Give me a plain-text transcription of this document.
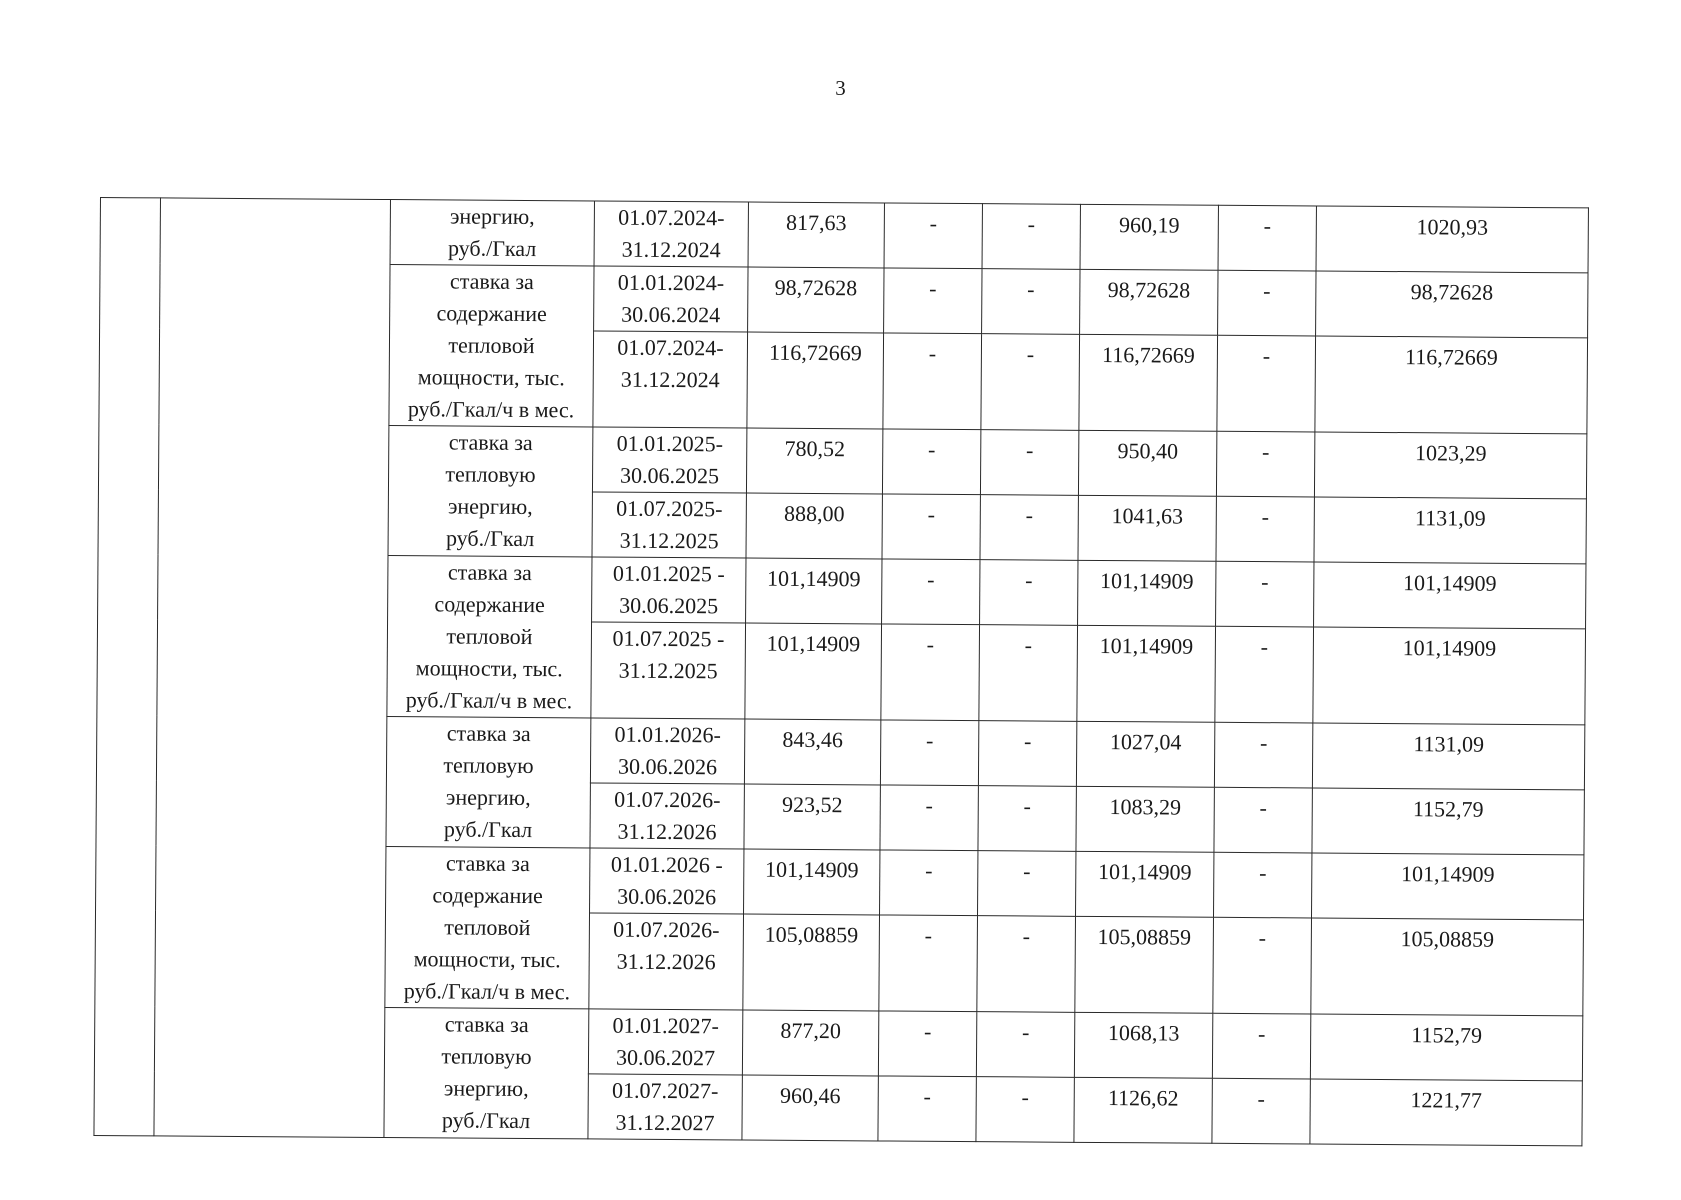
3
		энергию,
руб./Гкал	01.07.2024-
31.12.2024	817,63	-	-	960,19	-	1020,93
		ставка за
содержание
тепловой
мощности, тыс.
руб./Гкал/ч в мес.	01.01.2024-
30.06.2024	98,72628	-	-	98,72628	-	98,72628
			01.07.2024-
31.12.2024	116,72669	-	-	116,72669	-	116,72669
		ставка за
тепловую
энергию,
руб./Гкал	01.01.2025-
30.06.2025	780,52	-	-	950,40	-	1023,29
			01.07.2025-
31.12.2025	888,00	-	-	1041,63	-	1131,09
		ставка за
содержание
тепловой
мощности, тыс.
руб./Гкал/ч в мес.	01.01.2025 -
30.06.2025	101,14909	-	-	101,14909	-	101,14909
			01.07.2025 -
31.12.2025	101,14909	-	-	101,14909	-	101,14909
		ставка за
тепловую
энергию,
руб./Гкал	01.01.2026-
30.06.2026	843,46	-	-	1027,04	-	1131,09
			01.07.2026-
31.12.2026	923,52	-	-	1083,29	-	1152,79
		ставка за
содержание
тепловой
мощности, тыс.
руб./Гкал/ч в мес.	01.01.2026 -
30.06.2026	101,14909	-	-	101,14909	-	101,14909
			01.07.2026-
31.12.2026	105,08859	-	-	105,08859	-	105,08859
		ставка за
тепловую
энергию,
руб./Гкал	01.01.2027-
30.06.2027	877,20	-	-	1068,13	-	1152,79
			01.07.2027-
31.12.2027	960,46	-	-	1126,62	-	1221,77
